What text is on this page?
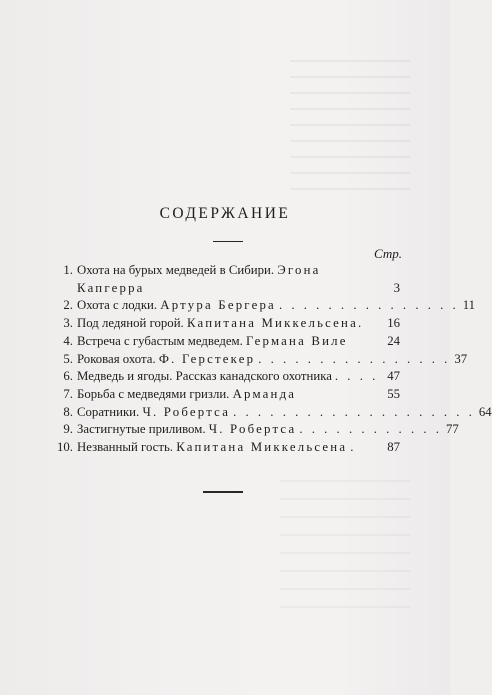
СОДЕРЖАНИЕ
Стр.
1. Охота на бурых медведей в Сибири. Эгона
Капгерра	3
2. Охота с лодки. Артура Бергера . . . . . . . . . . . . . . . 11
3. Под ледяной горой. Капитана Миккельсена.	16
4. Встреча с губастым медведем. Германа Виле	24
5. Роковая охота. Ф. Герстекер . . . . . . . . . . . . . . . . 37
6. Медведь и ягоды. Рассказ канадского охотника . . . . 47
7. Борьба с медведями гризли. Арманда	55
8. Соратники. Ч. Робертса . . . . . . . . . . . . . . . . . . . . 64
9. Застигнутые приливом. Ч. Робертса . . . . . . . . . . . . 77
10. Незванный гость. Капитана Миккельсена .	87
